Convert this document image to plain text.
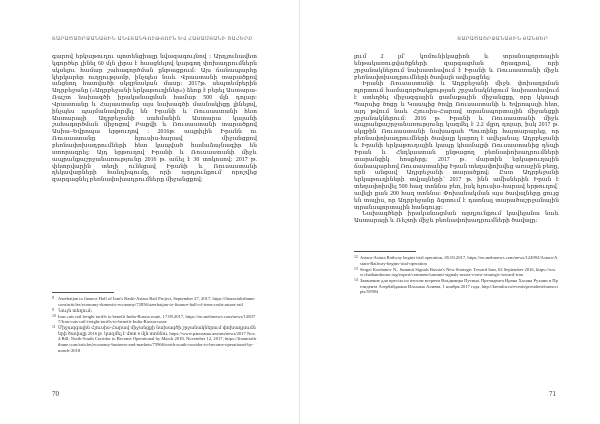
ՏԱՐԱԾԱՇՐՋԱՆԱՅԻՆ ԱՆՎՏԱՆԳՈՒԹՅՈՒՆ ԵՎ ՀԱՅԱՍՏԱՆԻ ՇԱՀԵՐԸ

գարով երկաթուղու պոտենցիալը նվազագույնով ։ Արդյունավետ կգործեր լինել 60 մլն լիրա է հասցնելով կարգող փոխադրումներն սկսելու համար շահագործման ընթացքում։ Այս ճանապարհը կերկարեր ուղղությամբ, ինչպես նաև Վրաստանի տարածքով անցնող հատվածի սկզբնական մասը։ 2017թ. սեպտեմբերին Ադրբեջանը («Ադրբեջանի երկաթուղիներ») ձեռք է բերել Աստարա-Ռաշտ նախագծի իրականացման համար 500 մլն դոլար։ Վրաստանը և Հայաստանը այս նախագծի մասնակիցը լինելով, ինչպես պայմանավորվել են Իրանի և Ռուսաստանի հետ Աստարայի Ադրբեջանի սահմանին Աստարա կայանի շահագործման միջոցով Բաքվի և Ռուսաստանի տարածքով Ասիա–Եվրոպա երթուղով ։ 2016թ. ապրիլին Իրանն ու Ռուսաստանը հյուսիս-հարավ միջանցքով բեռնափոխադրումների հետ կապված համաձայնագիր են ստորագրել։ Այդ երթուղով Իրանի և Ռուսաստանի միջև ապրանքաշրջանառությունը 2016 թ. աճել է 30 տոկոսով։ 2017 թ. փետրվարին տեղի ունեցավ Իրանի և Ռուսաստանի ղեկավարների հանդիպումը, որի արդյունքում որոշվեց զարգացնել բեռնափոխադրումները միջանցքով։

8 Azerbaijan to finance Half of Iran's Rasht-Astara Rail Project, September 27, 2017, https://financialtribune.com/articles/economy-domestic-economy/72856/azerbaijan-to-finance-half-of-irans-rasht-astara-rail
9 Նույն տեղում։
10 Iran cuts rail freight tariffs to benefit India-Russia route, 17.09.2017, https://en.mehrnews.com/news/128377/Iran-cuts-rail-freight-tariffs-to-benefit-India-Russia-route
11 Միջազգային Հյուսիս-Հարավ միջանցքի նախագծի շրջանակներում փոխադրումների ծավալը 2016 թ. կազմել է մոտ 6 մլն տոննա, https://www.panorama.am/am/news/2017 Nov. 4.Bill; North-South Corridor to Become Operational by March 2018, November 12, 2017, https://financialtribune.com/articles/economy-business-and-markets/75966/north-south-corridor-to-become-operational-by-march-2018
70
ՏԱՐԱԾԱՇՐՋԱՆԱՅԻՆ ՅԱՆՑԵՐ

լում 2 լմ՝ կոմունիկացիոն և տրանսպորտային ենթակառուցվածքների զարգացման ծրագրով, որի շրջանակներում նախատեսվում է Իրանի և Ռուսաստանի միջև բեռնափոխադրումների ծավալն ավելացնել։

Իրանի Ռուսաստանի և Ադրբեջանի միջև փոխադրման ոլորտում համագործակցության շրջանակներում նախատեսվում է ստեղծել միջազգային ցամաքային միջանցքը, որը կկապի Պարսից ծոցը և Կասպից ծովը Ռուսաստանի և Եվրոպայի հետ, այդ թվում նաև Հյուսիս-Հարավ տրանսպորտային միջանցքի շրջանակներում։ 2016 թ. Իրանի և Ռուսաստանի միջև ապրանքաշրջանառությունը կազմել է 2.2 մլրդ դոլար, իսկ 2017 թ. սկզբին Ռուսաստանի նախագահ Պուտինը հայտարարեց, որ բեռնափոխադրումների ծավալը կարող է ավելանալ։ Ադրբեջանի և Իրանի երկաթուղային կապը կհամալրի Ռուսաստանից դեպի Իրան և Հնդկաստան ընթացող բեռնափոխադրումների տարանցիկ հոսքերը։ 2017 թ. մարտին երկաթուղային ճանապարհով Ռուսաստանից Իրան տեղափոխվեց առաջին բեռը, որն անցավ Ադրբեջանի տարածքով։ Ըստ Ադրբեջանի երկաթուղիների տվյալների՝ 2017 թ. ինն ամիսներին Իրան է տեղափոխվել 500 հազ տոննա բեռ, իսկ հյուսիս-հարավ երթուղով՝ ավելի քան 200 հազ տոննա։ Փոխանակման այս ծավալները ցույց են տալիս, որ Ադրբեջանը ձգտում է դառնալ տարածաշրջանային տրանսպորտային հանգույց։

Նախագծերի իրականացման արդյունքում կավելանա նաև Աստարայի և Ռեշտի միջև բեռնափոխադրումների ծավալը։

12 Astara-Astara Railway begins trial operation, 05.03.2017, https://en.mehrnews.com/news/124092/Astara-Astara-Railway-begins-trial-operation
13 Sergei Kozhanov N., Summit Signals Russia's New Strategic Toward Iran, 02 September 2016, https://www.chathamhouse.org/expert/comment/summit-signals-russia-s-new-strategic-toward-iran
14 Заявление для прессы по итогам встречи Владимира Путина, Президента Ирана Хасана Рухани и Президента Азербайджана Ильхама Алиева, 1 ноября 2017 года, http://kremlin.ru/events/president/transcripts/55984
71
